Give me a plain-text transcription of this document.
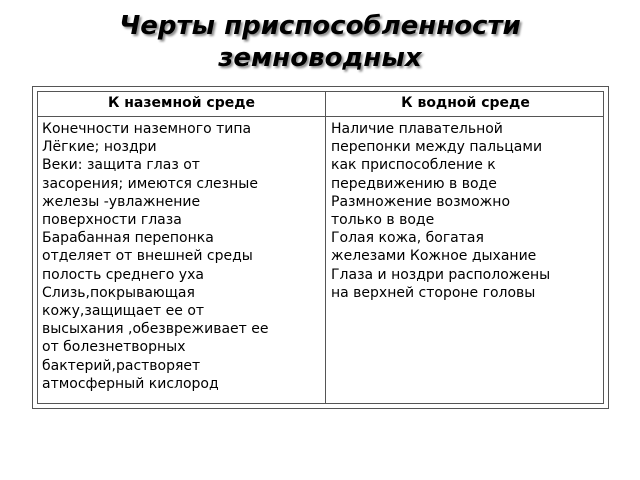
Черты приспособленности
земноводных
К наземной среде	К водной среде
Конечности наземного типа
Лёгкие; ноздри
Веки: защита глаз от
засорения; имеются слезные
железы -увлажнение
поверхности глаза
Барабанная перепонка
отделяет от внешней среды
полость среднего уха
Слизь,покрывающая
кожу,защищает ее от
высыхания ,обезвреживает ее
от болезнетворных
бактерий,растворяет
атмосферный кислород
Наличие плавательной
перепонки между пальцами
как приспособление к
передвижению в воде
Размножение возможно
только в воде
Голая кожа, богатая
железами Кожное дыхание
Глаза и ноздри расположены
на верхней стороне головы
